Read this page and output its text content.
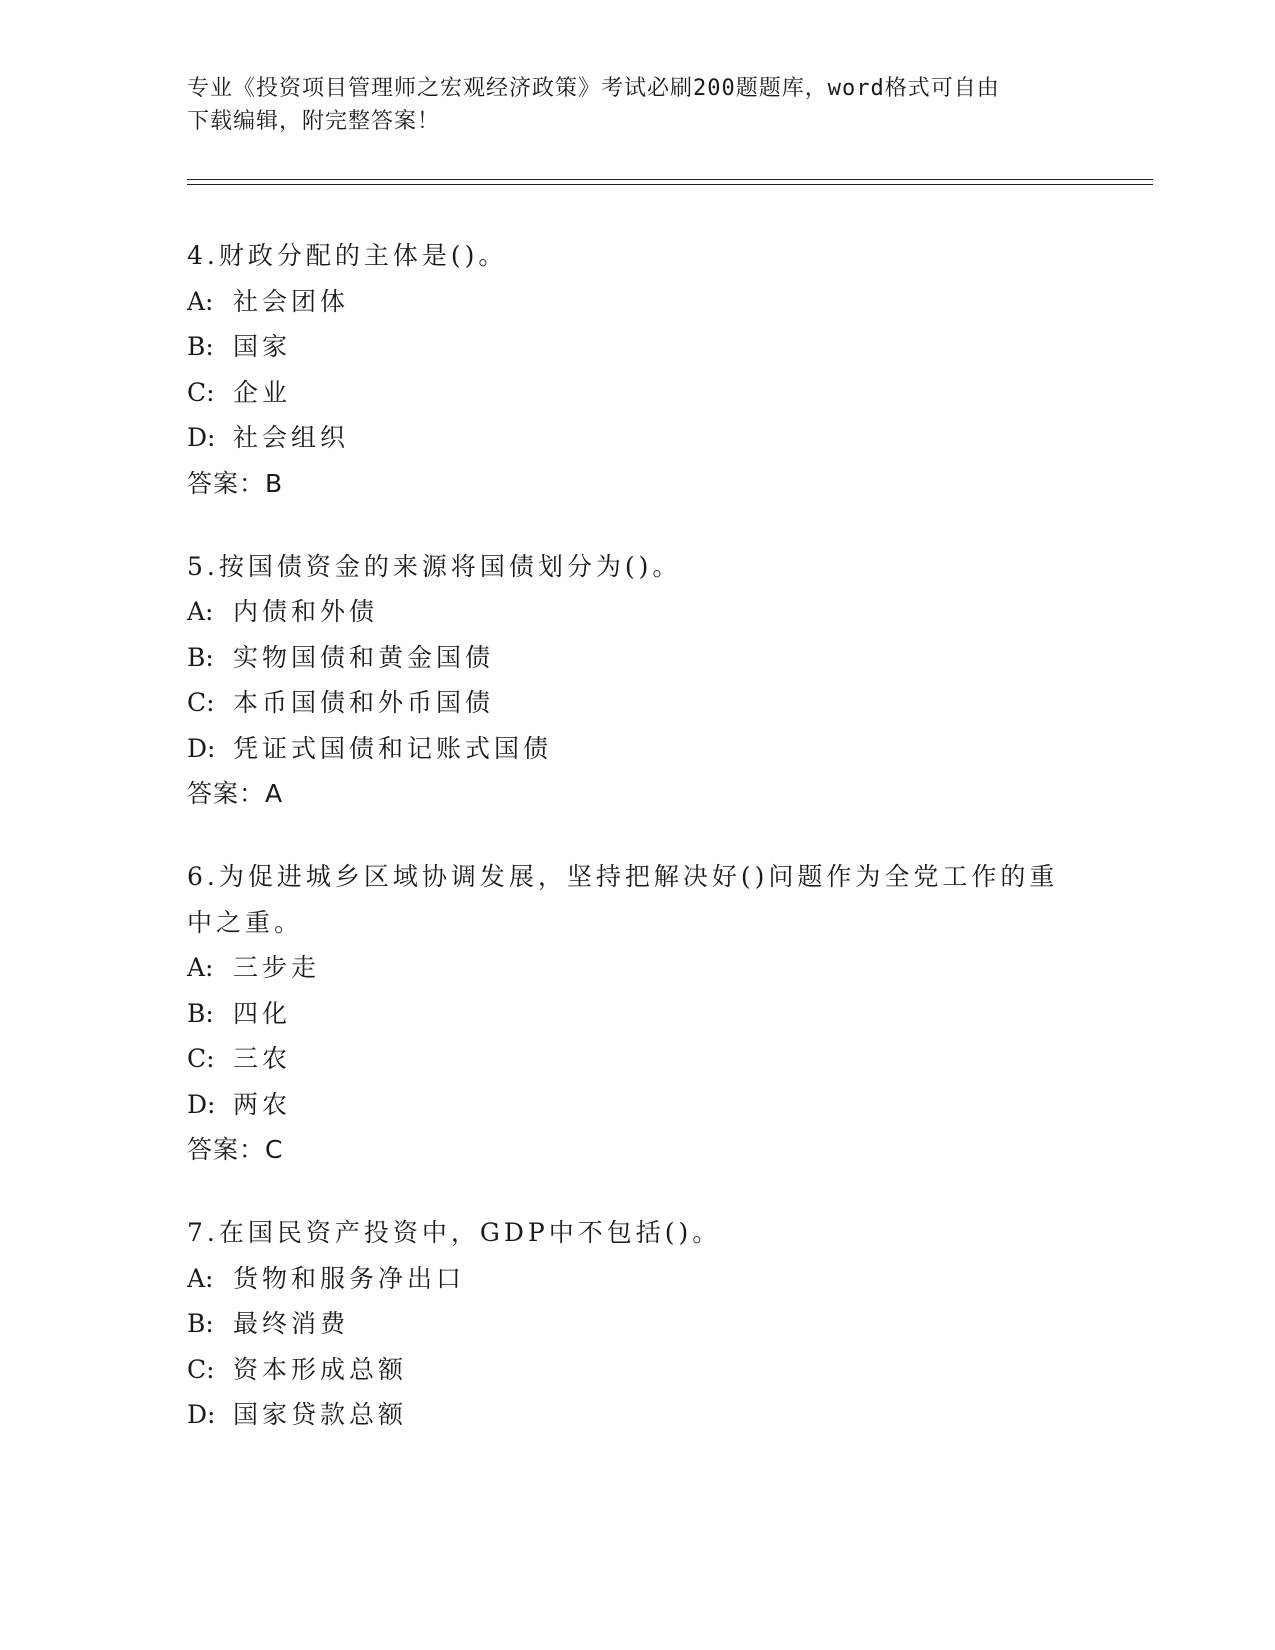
专业《投资项目管理师之宏观经济政策》考试必刷200题题库，word格式可自由
下载编辑，附完整答案！
4.财政分配的主体是()。
A: 社会团体
B: 国家
C: 企业
D: 社会组织
答案：B
5.按国债资金的来源将国债划分为()。
A: 内债和外债
B: 实物国债和黄金国债
C: 本币国债和外币国债
D: 凭证式国债和记账式国债
答案：A
6.为促进城乡区域协调发展，坚持把解决好()问题作为全党工作的重中之重。
A: 三步走
B: 四化
C: 三农
D: 两农
答案：C
7.在国民资产投资中，GDP中不包括()。
A: 货物和服务净出口
B: 最终消费
C: 资本形成总额
D: 国家贷款总额
